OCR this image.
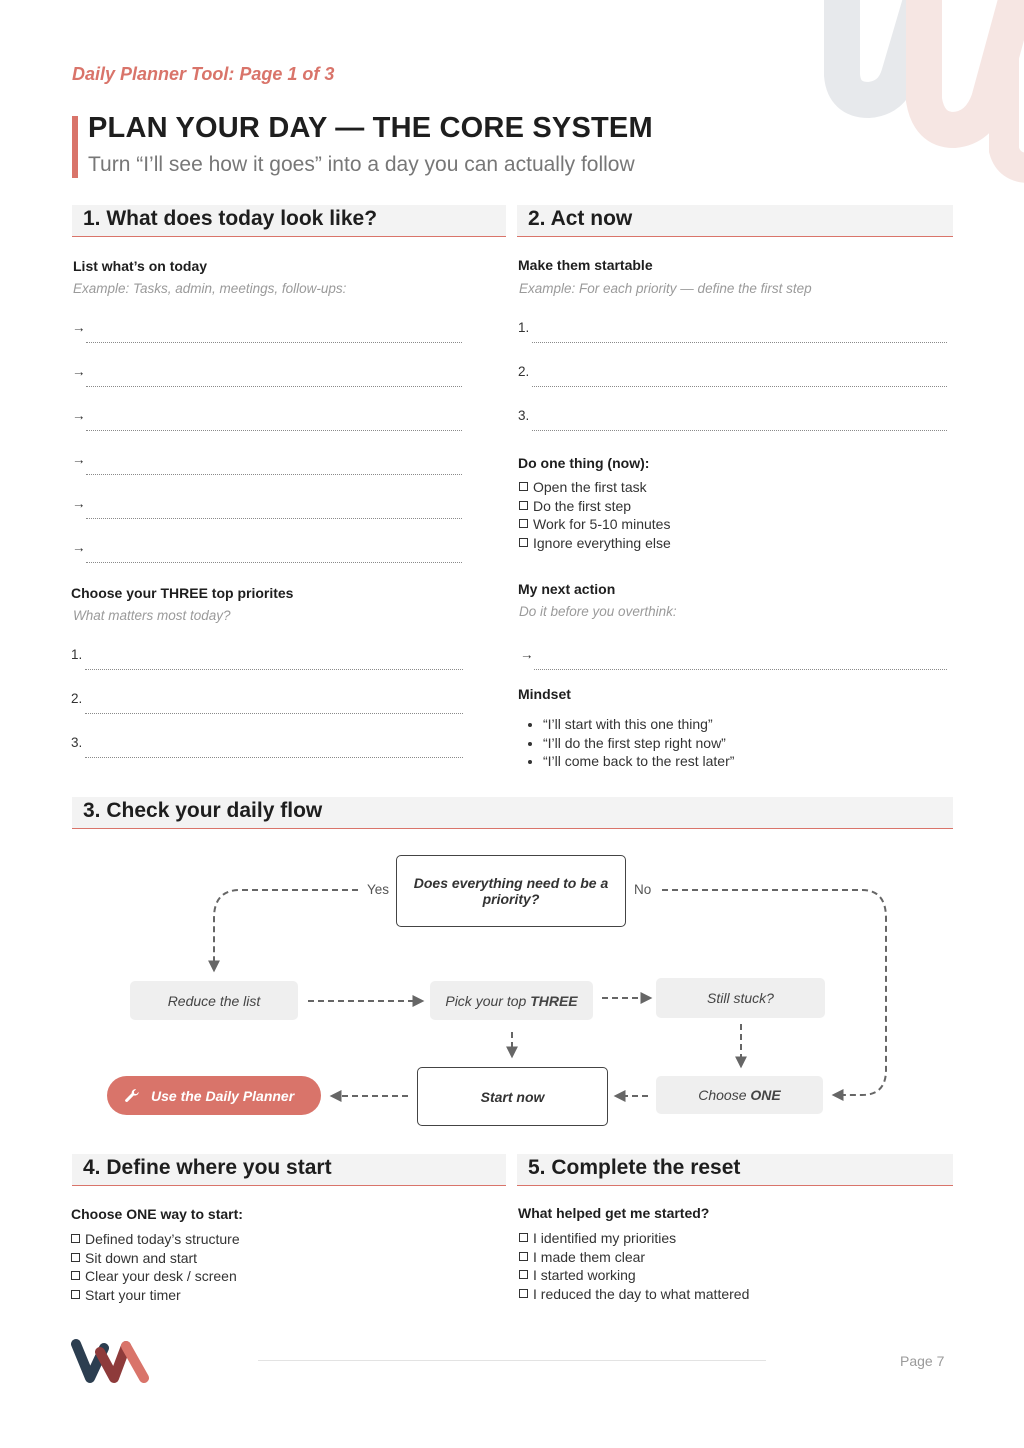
Daily Planner Tool: Page 1 of 3
PLAN YOUR DAY — THE CORE SYSTEM
Turn “I’ll see how it goes” into a day you can actually follow
1. What does today look like?
List what’s on today
Example: Tasks, admin, meetings, follow-ups:
→
→
→
→
→
→
Choose your THREE top priorites
What matters most today?
1.
2.
3.
2. Act now
Make them startable
Example: For each priority — define the first step
1.
2.
3.
Do one thing (now):
Open the first task
Do the first step
Work for 5-10 minutes
Ignore everything else
My next action
Do it before you overthink:
→
Mindset
• “I’ll start with this one thing”
• “I’ll do the first step right now”
• “I’ll come back to the rest later”
3. Check your daily flow
Does everything need to be a priority?
Yes	No
Reduce the list	Pick your top
THREE	Still stuck?
Choose
ONE
Start now
Use the Daily Planner
4. Define where you start
Choose ONE way to start:
Defined today’s structure
Sit down and start
Clear your desk / screen
Start your timer
5. Complete the reset
What helped get me started?
I identified my priorities
I made them clear
I started working
I reduced the day to what mattered
Page 7
